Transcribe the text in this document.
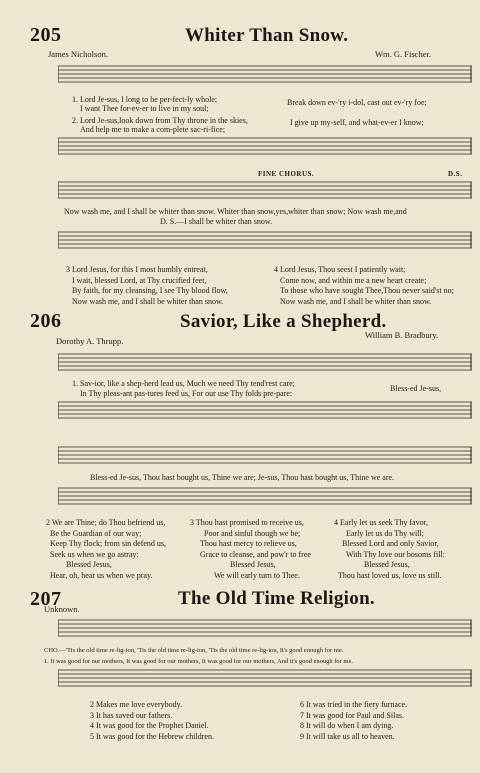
205	Whiter Than Snow.
James Nicholson.	Wm. G. Fischer.
1. Lord Je-sus, I long to be per-fect-ly whole;
I want Thee for-ev-er to live in my soul;
Break down ev-'ry i-dol, cast out ev-'ry foe;
2. Lord Je-sus,look down from Thy throne in the skies,
And help me to make a com-plete sac-ri-fice;
I give up my-self, and what-ev-er I know;
FINE CHORUS.	D.S.
Now wash me, and I shall be whiter than snow. Whiter than snow,yes,whiter than snow; Now wash me,and
D. S.—I shall be whiter than snow.
3 Lord Jesus, for this I most humbly entreat,
I wait, blessed Lord, at Thy crucified feet,
By faith, for my cleansing, I see Thy blood flow,
Now wash me, and I shall be whiter than snow.
4 Lord Jesus, Thou seest I patiently wait;
Come now, and within me a new heart create;
To those who have sought Thee,Thou never said'st no;
Now wash me, and I shall be whiter than snow.
206	Savior, Like a Shepherd.
Dorothy A. Thrupp.
William B. Bradbury.
1. Sav-ior, like a shep-herd lead us, Much we need Thy tend'rest care;
In Thy pleas-ant pas-tures feed us, For our use Thy folds pre-pare:
Bless-ed Je-sus,
Bless-ed Je-sus, Thou hast bought us, Thine we are; Je-sus, Thou hast bought us, Thine we are.
2 We are Thine; do Thou befriend us,
Be the Guardian of our way;
Keep Thy flock; from sin defend us,
Seek us when we go astray:
Blessed Jesus,
Hear, oh, hear us when we pray.
3 Thou hast promised to receive us,
Poor and sinful though we be;
Thou hast mercy to relieve us,
Grace to cleanse, and pow'r to free
Blessed Jesus,
We will early turn to Thee.
4 Early let us seek Thy favor,
Early let us do Thy will;
Blessed Lord and only Savior,
With Thy love our bosoms fill:
Blessed Jesus,
Thou hast loved us, love us still.
207	The Old Time Religion.
Unknown.
CHO.—'Tis the old time re-lig-ion, 'Tis the old time re-lig-ion, 'Tis the old time re-lig-ion, It's good enough for me.
1. It was good for our mothers, It was good for our mothers, It was good for our mothers, And it's good enough for me.
2 Makes me love everybody.
3 It has saved our fathers.
4 It was good for the Prophet Daniel.
5 It was good for the Hebrew children.
6 It was tried in the fiery furnace.
7 It was good for Paul and Silas.
8 It will do when I am dying.
9 It will take us all to heaven.
